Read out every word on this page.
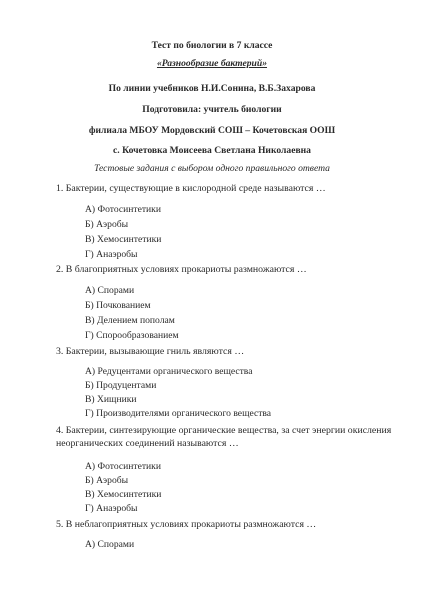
Тест по биологии в 7 классе
«Разнообразие бактерий»
По линии учебников Н.И.Сонина, В.Б.Захарова
Подготовила: учитель биологии
филиала МБОУ Мордовский СОШ – Кочетовская ООШ
с. Кочетовка Моисеева Светлана Николаевна
Тестовые задания с выбором одного правильного ответа
1. Бактерии, существующие в кислородной среде называются …
А) Фотосинтетики
Б) Аэробы
В) Хемосинтетики
Г) Анаэробы
2. В благоприятных условиях прокариоты размножаются …
А) Спорами
Б) Почкованием
В) Делением пополам
Г) Спорообразованием
3. Бактерии, вызывающие гниль являются …
А) Редуцентами органического вещества
Б) Продуцентами
В) Хищники
Г) Производителями органического вещества
4. Бактерии, синтезирующие органические вещества, за счет энергии окисления неорганических соединений называются …
А) Фотосинтетики
Б) Аэробы
В) Хемосинтетики
Г) Анаэробы
5. В неблагоприятных условиях прокариоты размножаются …
А) Спорами
